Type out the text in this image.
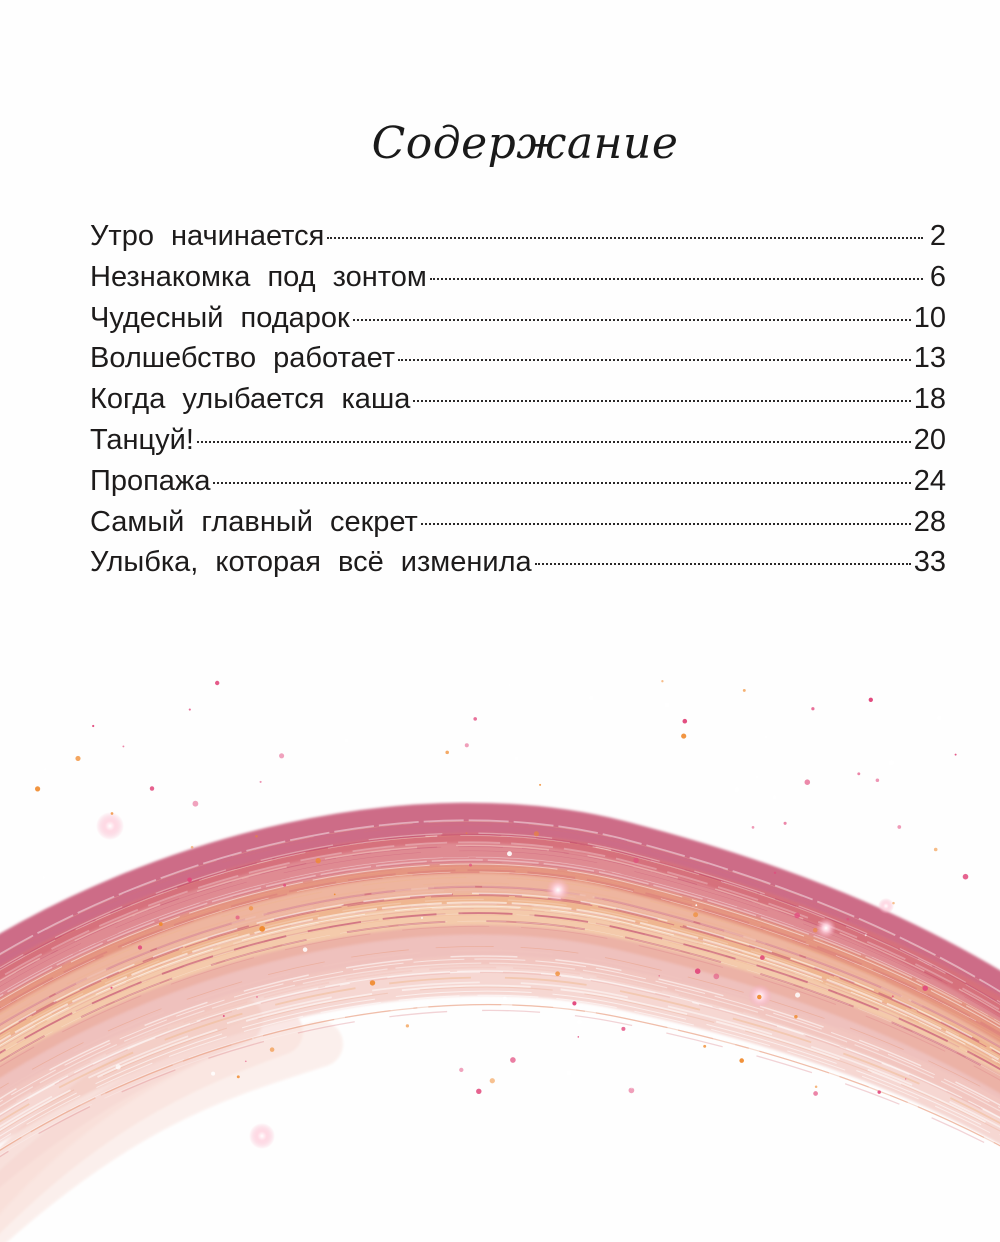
Содержание
Утро начинается	2
Незнакомка под зонтом	6
Чудесный подарок	10
Волшебство работает	13
Когда улыбается каша	18
Танцуй!	20
Пропажа	24
Самый главный секрет	28
Улыбка, которая всё изменила	33
